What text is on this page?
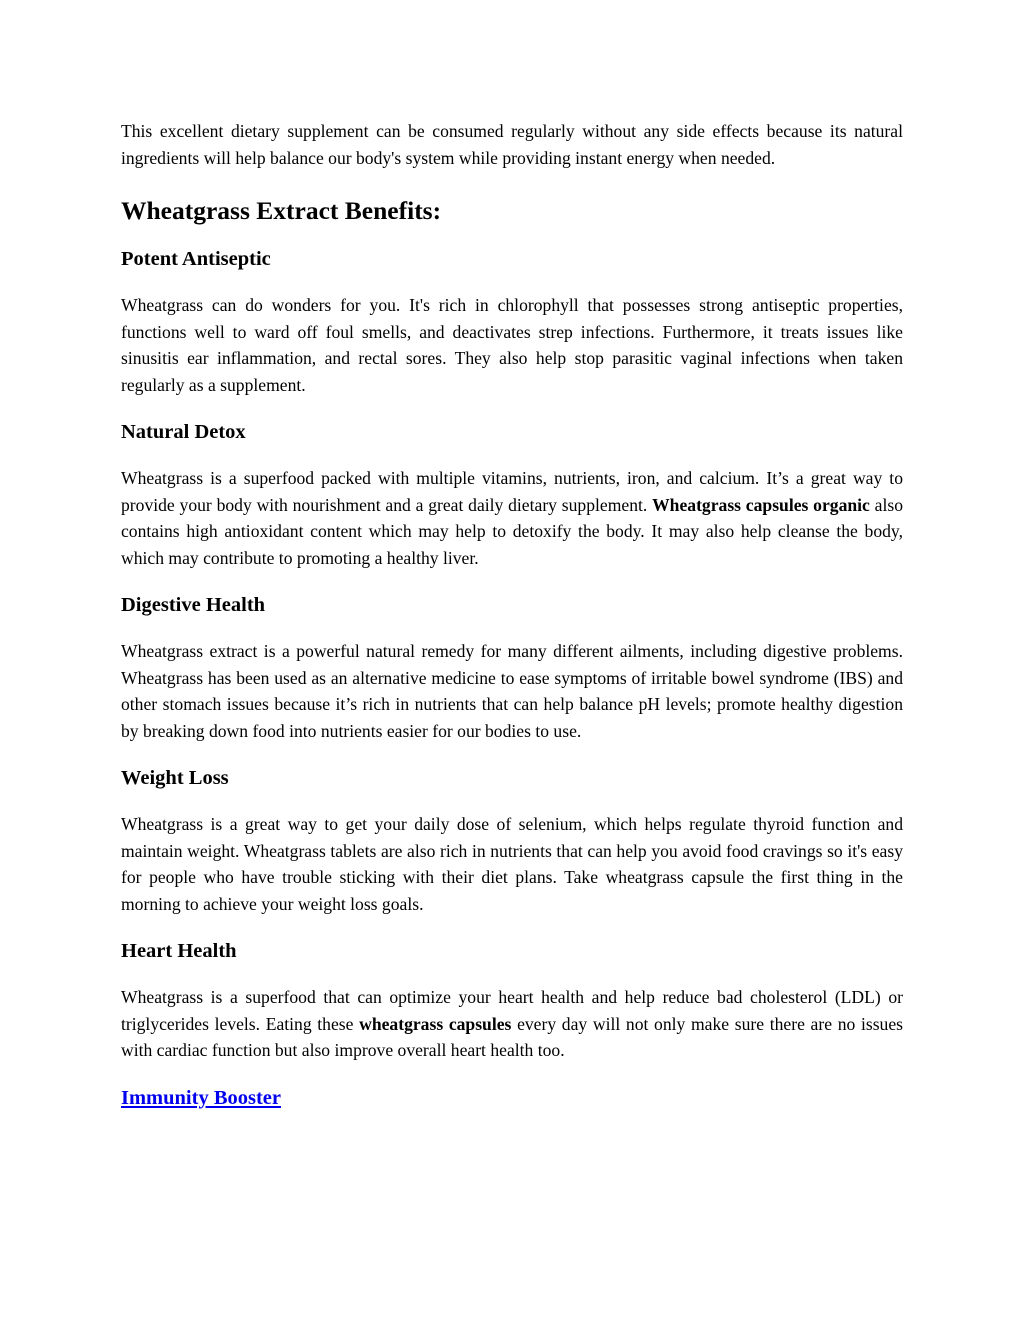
This excellent dietary supplement can be consumed regularly without any side effects because its natural ingredients will help balance our body's system while providing instant energy when needed.

Wheatgrass Extract Benefits:
Potent Antiseptic

Wheatgrass can do wonders for you. It's rich in chlorophyll that possesses strong antiseptic properties, functions well to ward off foul smells, and deactivates strep infections. Furthermore, it treats issues like sinusitis ear inflammation, and rectal sores. They also help stop parasitic vaginal infections when taken regularly as a supplement.

Natural Detox

Wheatgrass is a superfood packed with multiple vitamins, nutrients, iron, and calcium. It’s a great way to provide your body with nourishment and a great daily dietary supplement. Wheatgrass capsules organic also contains high antioxidant content which may help to detoxify the body. It may also help cleanse the body, which may contribute to promoting a healthy liver.

Digestive Health

Wheatgrass extract is a powerful natural remedy for many different ailments, including digestive problems. Wheatgrass has been used as an alternative medicine to ease symptoms of irritable bowel syndrome (IBS) and other stomach issues because it’s rich in nutrients that can help balance pH levels; promote healthy digestion by breaking down food into nutrients easier for our bodies to use.

Weight Loss

Wheatgrass is a great way to get your daily dose of selenium, which helps regulate thyroid function and maintain weight. Wheatgrass tablets are also rich in nutrients that can help you avoid food cravings so it's easy for people who have trouble sticking with their diet plans. Take wheatgrass capsule the first thing in the morning to achieve your weight loss goals.

Heart Health

Wheatgrass is a superfood that can optimize your heart health and help reduce bad cholesterol (LDL) or triglycerides levels. Eating these wheatgrass capsules every day will not only make sure there are no issues with cardiac function but also improve overall heart health too.

Immunity Booster
